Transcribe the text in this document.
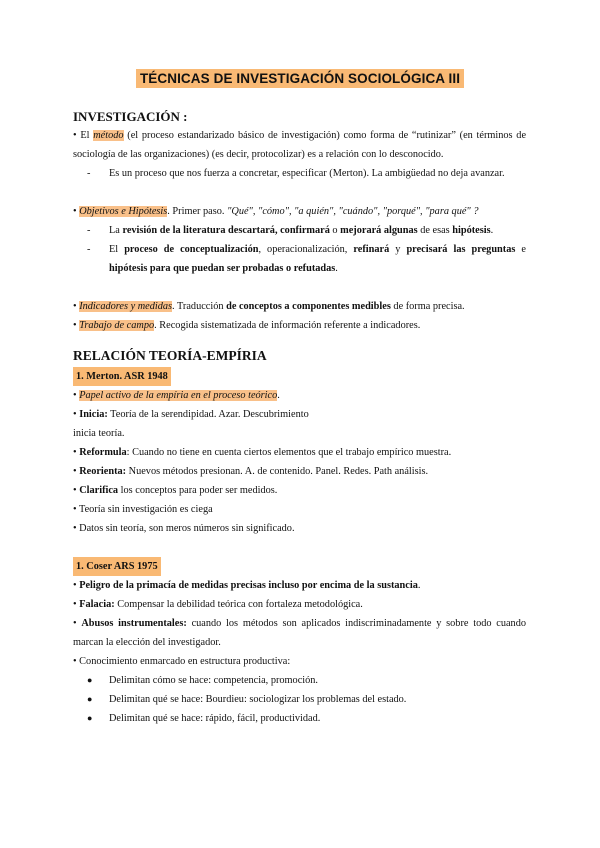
TÉCNICAS DE INVESTIGACIÓN SOCIOLÓGICA III

INVESTIGACIÓN :

• El método (el proceso estandarizado básico de investigación) como forma de “rutinizar” (en términos de sociología de las organizaciones) (es decir, protocolizar) es a relación con lo desconocido.

-	Es un proceso que nos fuerza a concretar, especificar (Merton). La ambigüedad no deja avanzar.

• Objetivos e Hipótesis. Primer paso. "Qué", "cómo", "a quién", "cuándo", "porqué", "para qué" ?

-	La revisión de la literatura descartará, confirmará o mejorará algunas de esas hipótesis.
-	El proceso de conceptualización, operacionalización, refinará y precisará las preguntas e hipótesis para que puedan ser probadas o refutadas.

• Indicadores y medidas. Traducción de conceptos a componentes medibles de forma precisa.

• Trabajo de campo. Recogida sistematizada de información referente a indicadores.

RELACIÓN TEORÍA-EMPÍRIA

1. Merton. ASR 1948

• Papel activo de la empíria en el proceso teórico.

• Inicia: Teoría de la serendipidad. Azar. Descubrimiento

inicia teoría.

• Reformula: Cuando no tiene en cuenta ciertos elementos que el trabajo empírico muestra.

• Reorienta: Nuevos métodos presionan. A. de contenido. Panel. Redes. Path análisis.

• Clarifica los conceptos para poder ser medidos.

• Teoría sin investigación es ciega

• Datos sin teoría, son meros números sin significado.

1. Coser ARS 1975

• Peligro de la primacía de medidas precisas incluso por encima de la sustancia.

• Falacia: Compensar la debilidad teórica con fortaleza metodológica.

• Abusos instrumentales: cuando los métodos son aplicados indiscriminadamente y sobre todo cuando marcan la elección del investigador.

• Conocimiento enmarcado en estructura productiva:

●	Delimitan cómo se hace: competencia, promoción.
●	Delimitan qué se hace: Bourdieu: sociologizar los problemas del estado.
●	Delimitan qué se hace: rápido, fácil, productividad.
